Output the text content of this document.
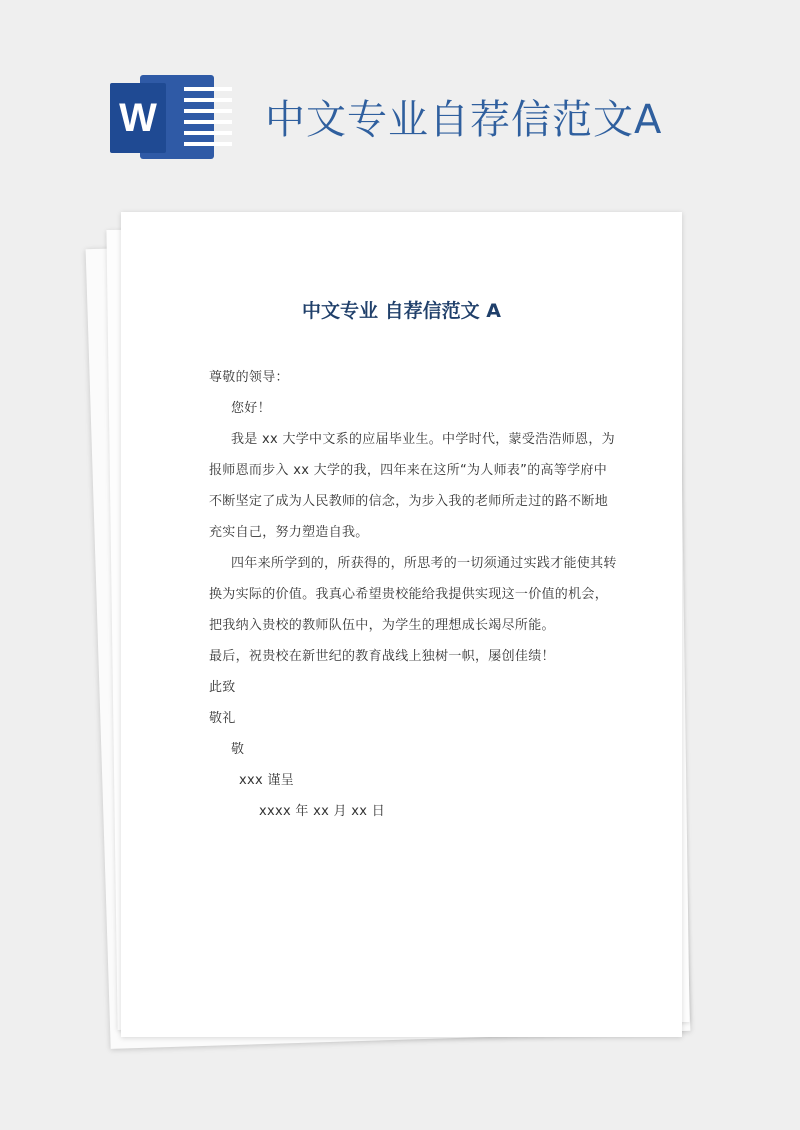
W	中文专业自荐信范文A
中文专业 自荐信范文 A

尊敬的领导：

您好！

我是 xx 大学中文系的应届毕业生。中学时代，蒙受浩浩师恩，为报师恩而步入 xx 大学的我，四年来在这所“为人师表”的高等学府中不断坚定了成为人民教师的信念，为步入我的老师所走过的路不断地充实自己，努力塑造自我。

四年来所学到的，所获得的，所思考的一切须通过实践才能使其转换为实际的价值。我真心希望贵校能给我提供实现这一价值的机会，把我纳入贵校的教师队伍中，为学生的理想成长竭尽所能。

最后，祝贵校在新世纪的教育战线上独树一帜，屡创佳绩！

此致

敬礼

敬

xxx 谨呈

xxxx 年 xx 月 xx 日
